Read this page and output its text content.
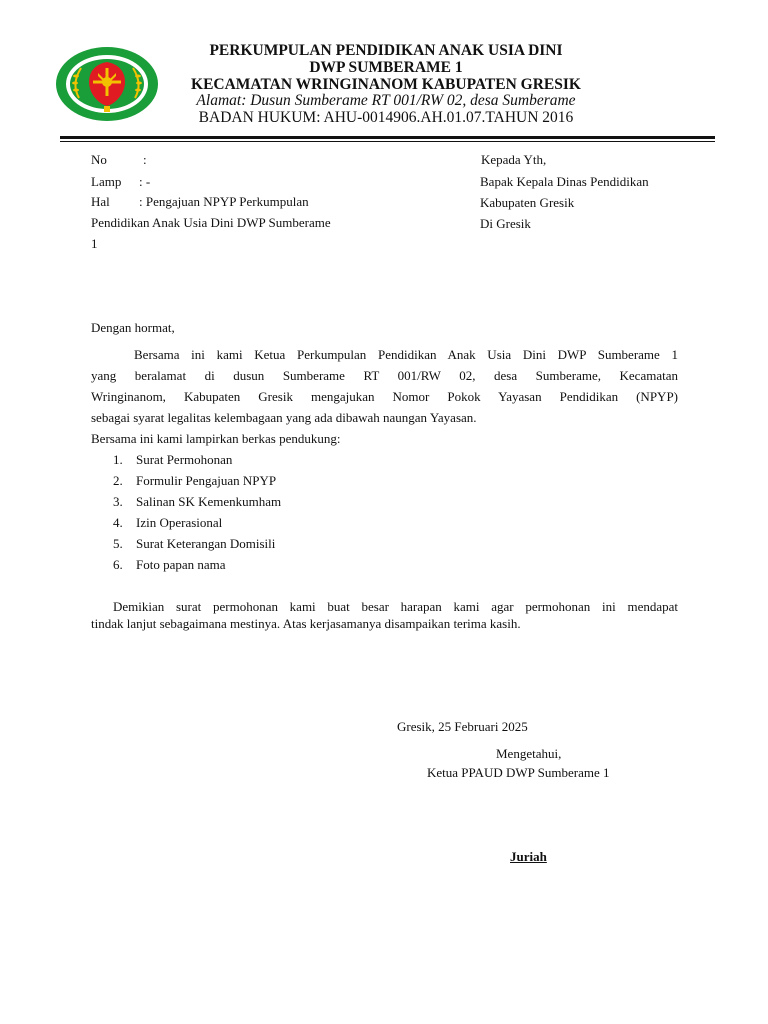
PERKUMPULAN PENDIDIKAN ANAK USIA DINI
DWP SUMBERAME 1
KECAMATAN WRINGINANOM KABUPATEN GRESIK
Alamat: Dusun Sumberame RT 001/RW 02, desa Sumberame
BADAN HUKUM: AHU-0014906.AH.01.07.TAHUN 2016
No	:
Lamp : -
Hal : Pengajuan NPYP Perkumpulan
Pendidikan Anak Usia Dini DWP Sumberame
1
Kepada Yth,
Bapak Kepala Dinas Pendidikan
Kabupaten Gresik
Di Gresik
Dengan hormat,
Bersama ini kami Ketua Perkumpulan Pendidikan Anak Usia Dini DWP Sumberame 1
yang beralamat di dusun Sumberame RT 001/RW 02, desa Sumberame, Kecamatan
Wringinanom, Kabupaten Gresik mengajukan Nomor Pokok Yayasan Pendidikan (NPYP)
sebagai syarat legalitas kelembagaan yang ada dibawah naungan Yayasan.
Bersama ini kami lampirkan berkas pendukung:
1. Surat Permohonan
2. Formulir Pengajuan NPYP
3. Salinan SK Kemenkumham
4. Izin Operasional
5. Surat Keterangan Domisili
6. Foto papan nama
Demikian surat permohonan kami buat besar harapan kami agar permohonan ini mendapat
tindak lanjut sebagaimana mestinya. Atas kerjasamanya disampaikan terima kasih.
Gresik, 25 Februari 2025
Mengetahui,
Ketua PPAUD DWP Sumberame 1
Juriah
